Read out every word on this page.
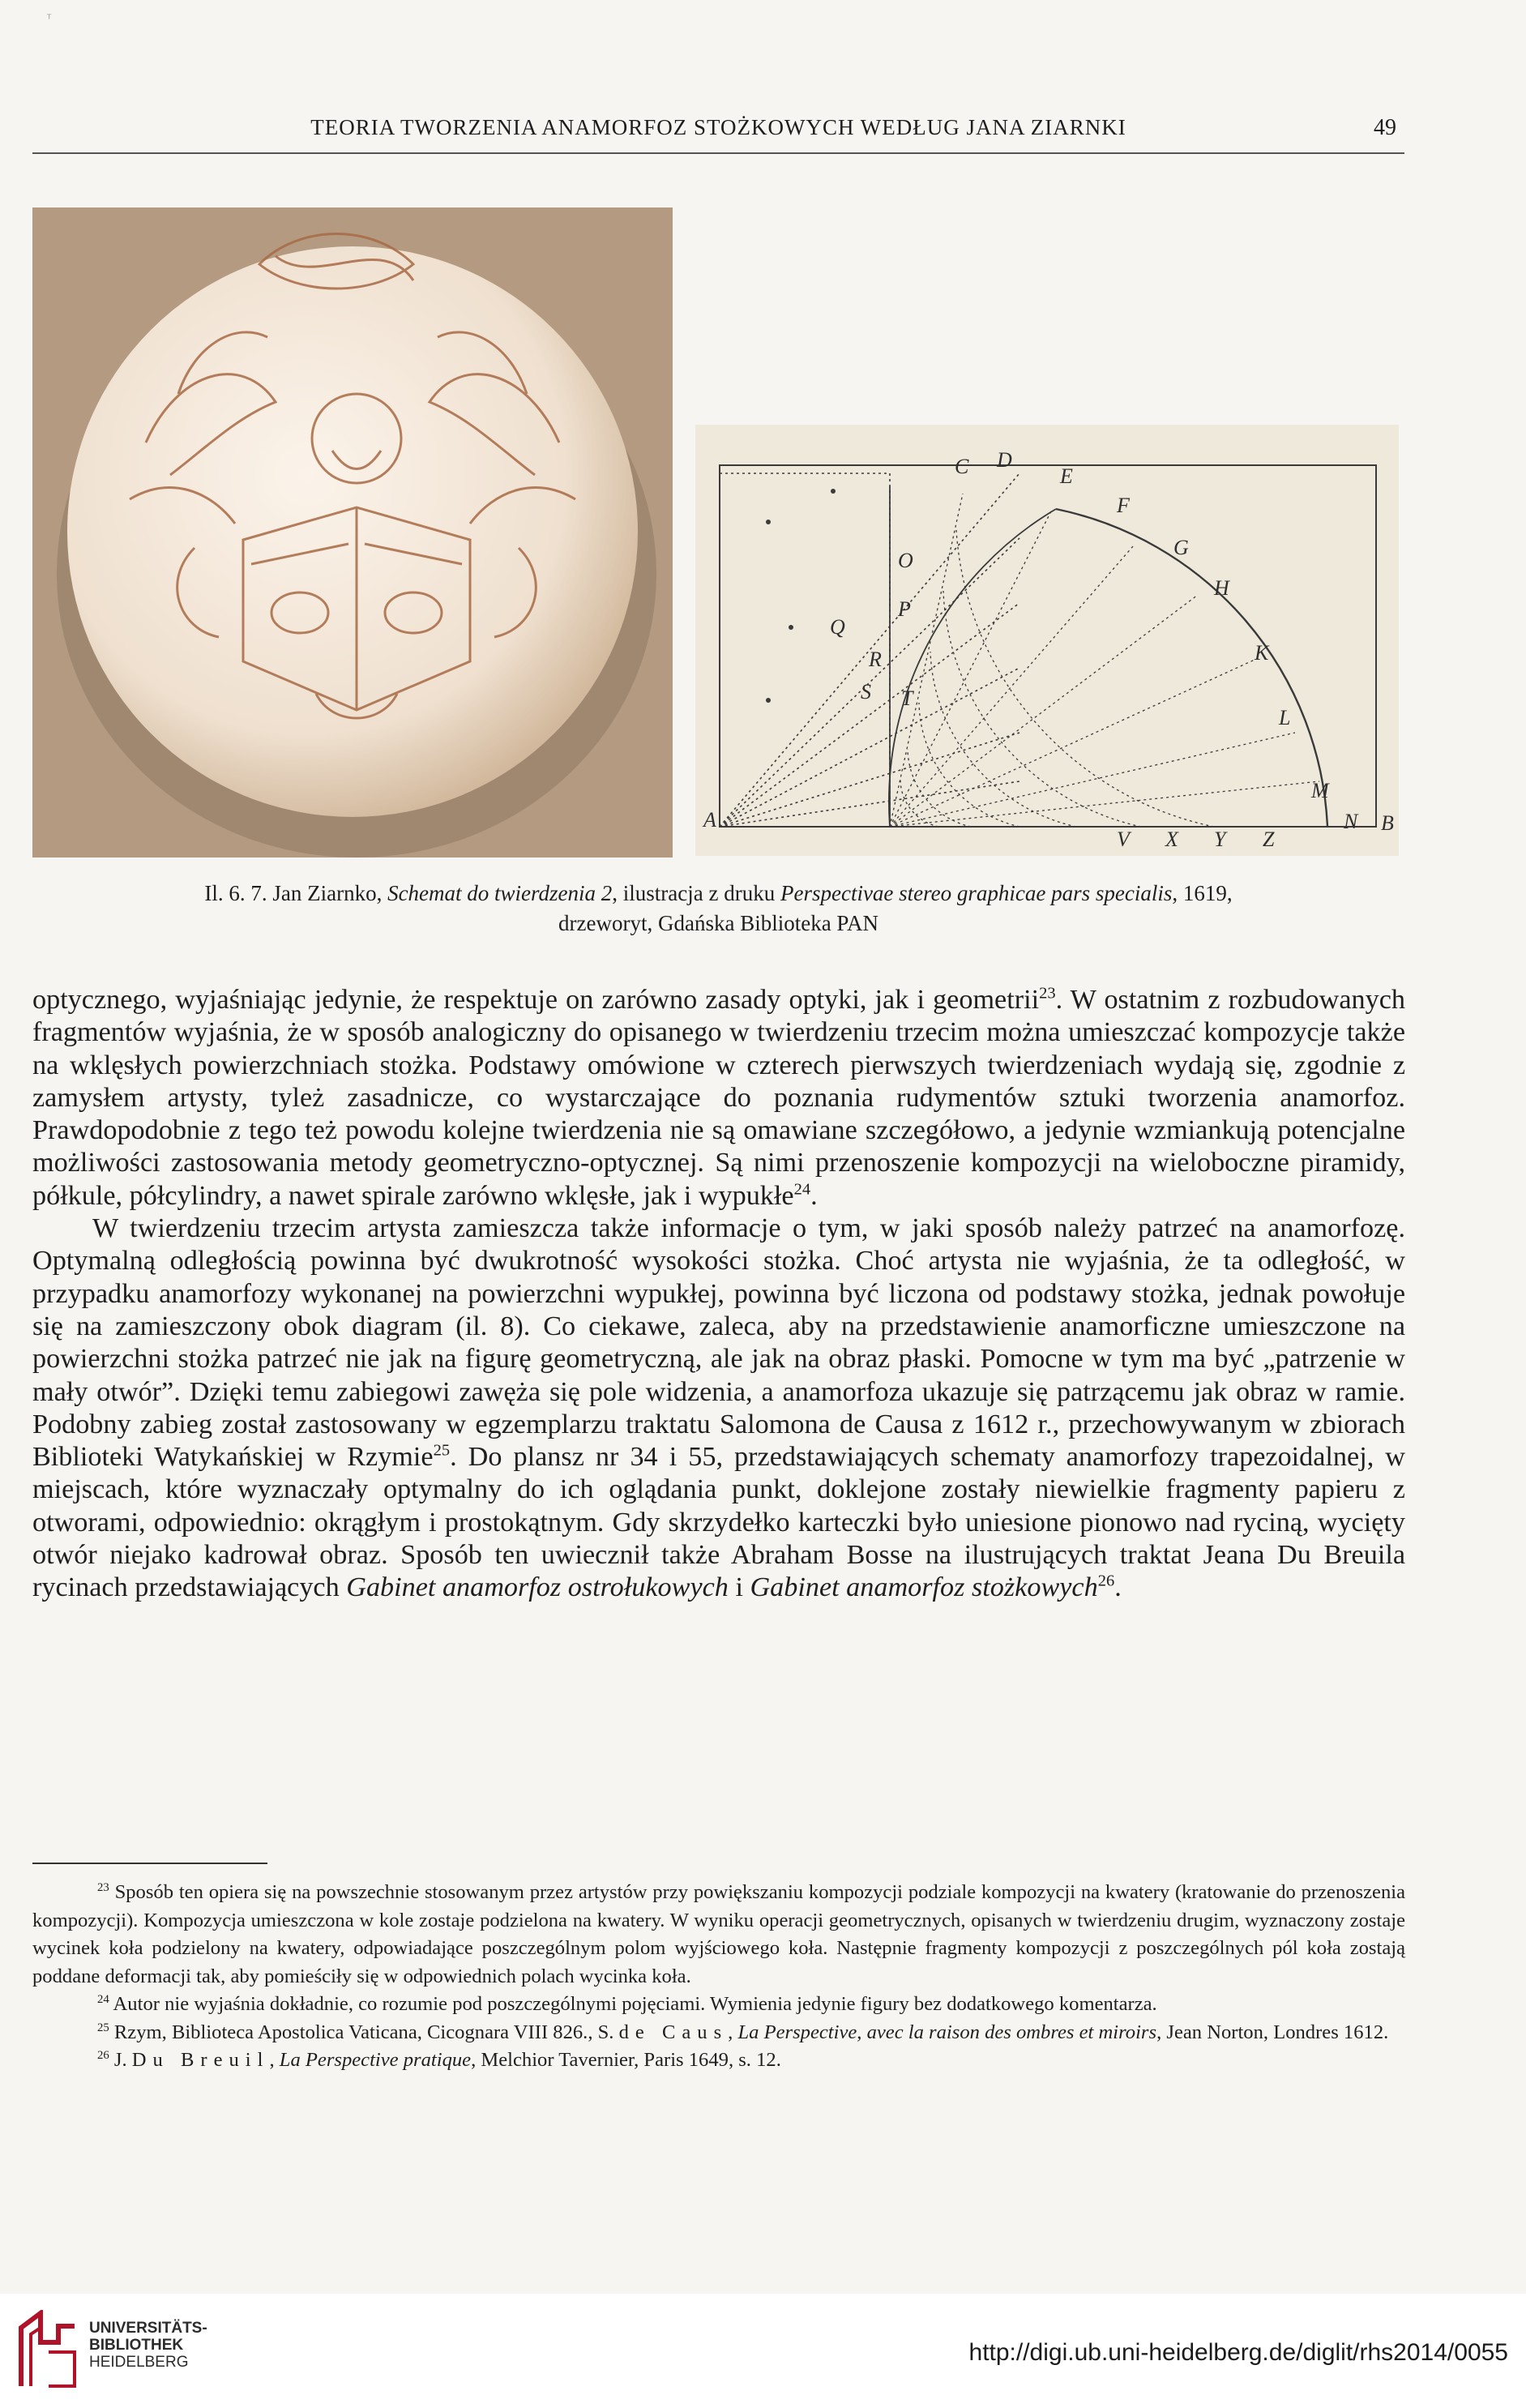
ᵀ
TEORIA TWORZENIA ANAMORFOZ STOŻKOWYCH WEDŁUG JANA ZIARNKI	49
C D
E
F
G
H
K
L
M
N
O
P
Q
R
S T
V X Y Z
A	B
Il. 6. 7. Jan Ziarnko, Schemat do twierdzenia 2, ilustracja z druku Perspectivae stereo graphicae pars specialis, 1619,
drzeworyt, Gdańska Biblioteka PAN

optycznego, wyjaśniając jedynie, że respektuje on zarówno zasady optyki, jak i geometrii$^{23}$. W ostatnim z rozbudowanych fragmentów wyjaśnia, że w sposób analogiczny do opisanego w twierdzeniu trzecim można umieszczać kompozycje także na wklęsłych powierzchniach stożka. Podstawy omówione w czterech pierwszych twierdzeniach wydają się, zgodnie z zamysłem artysty, tyleż zasadnicze, co wystarczające do poznania rudymentów sztuki tworzenia anamorfoz. Prawdopodobnie z tego też powodu kolejne twierdzenia nie są omawiane szczegółowo, a jedynie wzmiankują potencjalne możliwości zastosowania metody geometryczno-optycznej. Są nimi przenoszenie kompozycji na wieloboczne piramidy, półkule, półcylindry, a nawet spirale zarówno wklęsłe, jak i wypukłe$^{24}$.

W twierdzeniu trzecim artysta zamieszcza także informacje o tym, w jaki sposób należy patrzeć na anamorfozę. Optymalną odległością powinna być dwukrotność wysokości stożka. Choć artysta nie wyjaśnia, że ta odległość, w przypadku anamorfozy wykonanej na powierzchni wypukłej, powinna być liczona od podstawy stożka, jednak powołuje się na zamieszczony obok diagram (il. 8). Co ciekawe, zaleca, aby na przedstawienie anamorficzne umieszczone na powierzchni stożka patrzeć nie jak na figurę geometryczną, ale jak na obraz płaski. Pomocne w tym ma być „patrzenie w mały otwór”. Dzięki temu zabiegowi zawęża się pole widzenia, a anamorfoza ukazuje się patrzącemu jak obraz w ramie. Podobny zabieg został zastosowany w egzemplarzu traktatu Salomona de Causa z 1612 r., przechowywanym w zbiorach Biblioteki Watykańskiej w Rzymie$^{25}$. Do plansz nr 34 i 55, przedstawiających schematy anamorfozy trapezoidalnej, w miejscach, które wyznaczały optymalny do ich oglądania punkt, doklejone zostały niewielkie fragmenty papieru z otworami, odpowiednio: okrągłym i prostokątnym. Gdy skrzydełko karteczki było uniesione pionowo nad ryciną, wycięty otwór niejako kadrował obraz. Sposób ten uwiecznił także Abraham Bosse na ilustrujących traktat Jeana Du Breuila rycinach przedstawiających Gabinet anamorfoz ostrołukowych i Gabinet anamorfoz stożkowych$^{26}$.

$^{23}$ Sposób ten opiera się na powszechnie stosowanym przez artystów przy powiększaniu kompozycji podziale kompozycji na kwatery (kratowanie do przenoszenia kompozycji). Kompozycja umieszczona w kole zostaje podzielona na kwatery. W wyniku operacji geometrycznych, opisanych w twierdzeniu drugim, wyznaczony zostaje wycinek koła podzielony na kwatery, odpowiadające poszczególnym polom wyjściowego koła. Następnie fragmenty kompozycji z poszczególnych pól koła zostają poddane deformacji tak, aby pomieściły się w odpowiednich polach wycinka koła.

$^{24}$ Autor nie wyjaśnia dokładnie, co rozumie pod poszczególnymi pojęciami. Wymienia jedynie figury bez dodatkowego komentarza.

$^{25}$ Rzym, Biblioteca Apostolica Vaticana, Cicognara VIII 826., S. de Caus, La Perspective, avec la raison des ombres et miroirs, Jean Norton, Londres 1612.

$^{26}$ J. Du Breuil, La Perspective pratique, Melchior Tavernier, Paris 1649, s. 12.

UNIVERSITÄTS-
BIBLIOTHEK
HEIDELBERG	http://digi.ub.uni-heidelberg.de/diglit/rhs2014/0055
